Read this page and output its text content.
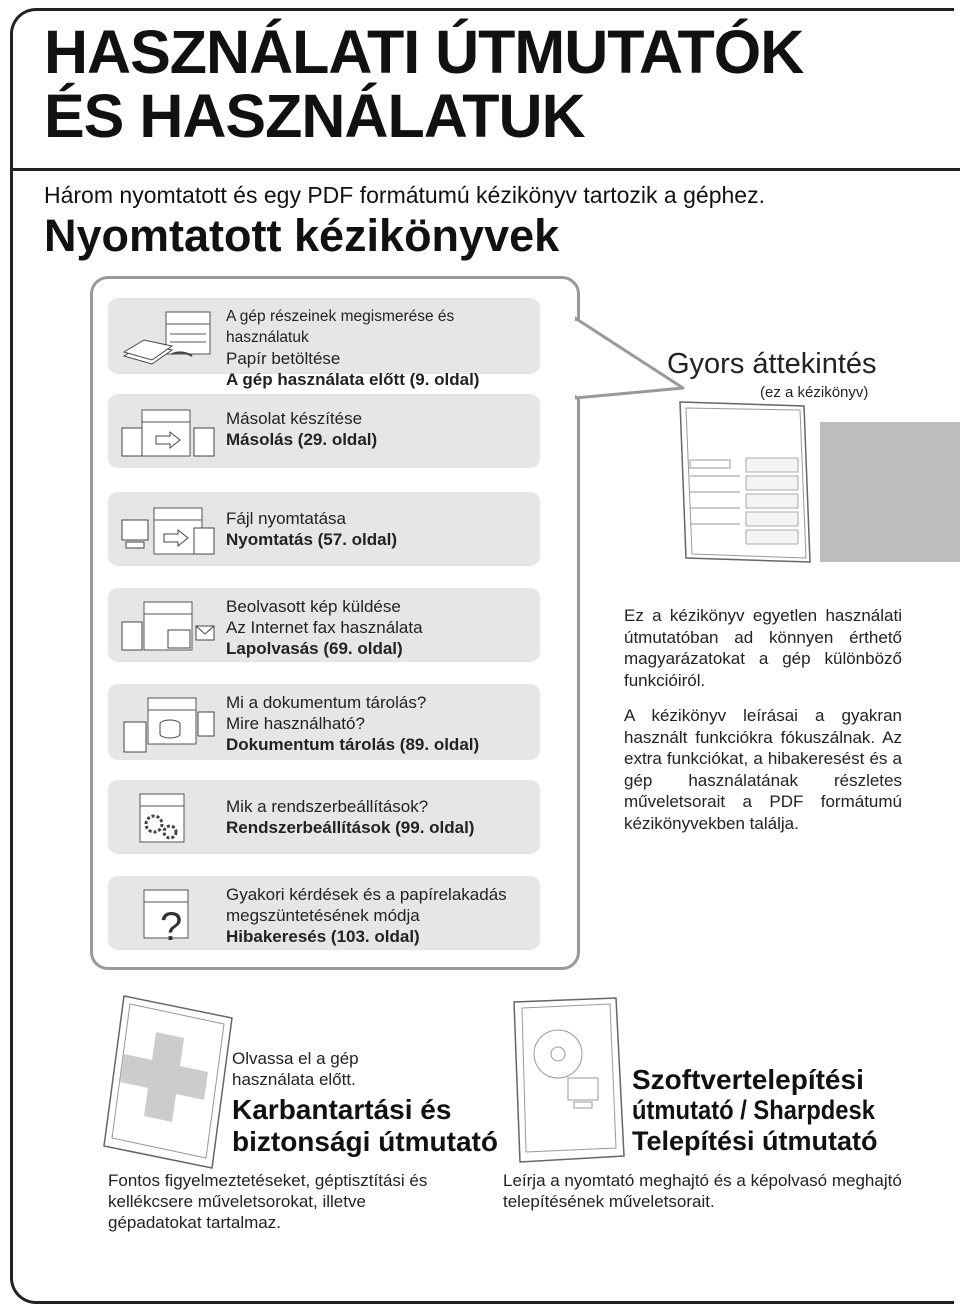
HASZNÁLATI ÚTMUTATÓK
ÉS HASZNÁLATUK
Három nyomtatott és egy PDF formátumú kézikönyv tartozik a géphez.
Nyomtatott kézikönyvek
A gép részeinek megismerése és használatuk
Papír betöltése
A gép használata előtt (9. oldal)
Másolat készítése
Másolás (29. oldal)
Fájl nyomtatása
Nyomtatás (57. oldal)
Beolvasott kép küldése
Az Internet fax használata
Lapolvasás (69. oldal)
Mi a dokumentum tárolás?
Mire használható?
Dokumentum tárolás (89. oldal)
Mik a rendszerbeállítások?
Rendszerbeállítások (99. oldal)
?
Gyakori kérdések és a papírelakadás
megszüntetésének módja
Hibakeresés (103. oldal)
Gyors áttekintés
(ez a kézikönyv)

Ez a kézikönyv egyetlen használati útmutatóban ad könnyen érthető magyarázatokat a gép különböző funkcióiról.

A kézikönyv leírásai a gyakran használt funkciókra fókuszálnak. Az extra funkciókat, a hibakeresést és a gép használatának részletes műveletsorait a PDF formátumú kézikönyvekben találja.

Olvassa el a gép használata előtt.
Karbantartási és
biztonsági útmutató
Fontos figyelmeztetéseket, géptisztítási és kellékcsere műveletsorokat, illetve gépadatokat tartalmaz.
Szoftvertelepítési
útmutató / Sharpdesk
Telepítési útmutató
Leírja a nyomtató meghajtó és a képolvasó meghajtó telepítésének műveletsorait.
